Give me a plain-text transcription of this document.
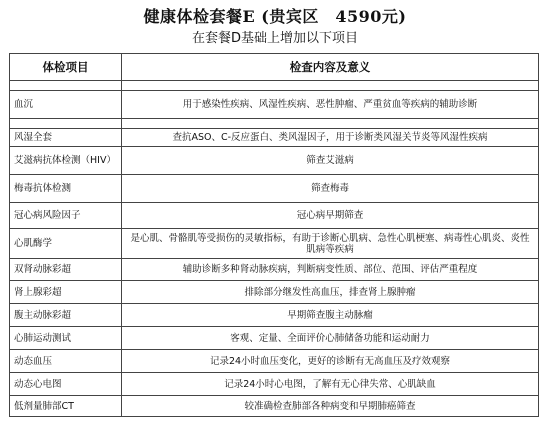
健康体检套餐E (贵宾区　4590元)
在套餐D基础上增加以下项目
体检项目	检查内容及意义

血沉	用于感染性疾病、风湿性疾病、恶性肿瘤、严重贫血等疾病的辅助诊断

风湿全套	查抗ASO、C-反应蛋白、类风湿因子，用于诊断类风湿关节炎等风湿性疾病
艾滋病抗体检测（HIV）	筛查艾滋病
梅毒抗体检测	筛查梅毒
冠心病风险因子	冠心病早期筛查
心肌酶学	是心肌、骨骼肌等受损伤的灵敏指标，有助于诊断心肌病、急性心肌梗塞、病毒性心肌炎、炎性肌病等疾病
双肾动脉彩超	辅助诊断多种肾动脉疾病，判断病变性质、部位、范围、评估严重程度
肾上腺彩超	排除部分继发性高血压，排查肾上腺肿瘤
腹主动脉彩超	早期筛查腹主动脉瘤
心肺运动测试	客观、定量、全面评价心肺储备功能和运动耐力
动态血压	记录24小时血压变化，更好的诊断有无高血压及疗效观察
动态心电图	记录24小时心电图，了解有无心律失常、心肌缺血
低剂量肺部CT	较准确检查肺部各种病变和早期肺癌筛查
